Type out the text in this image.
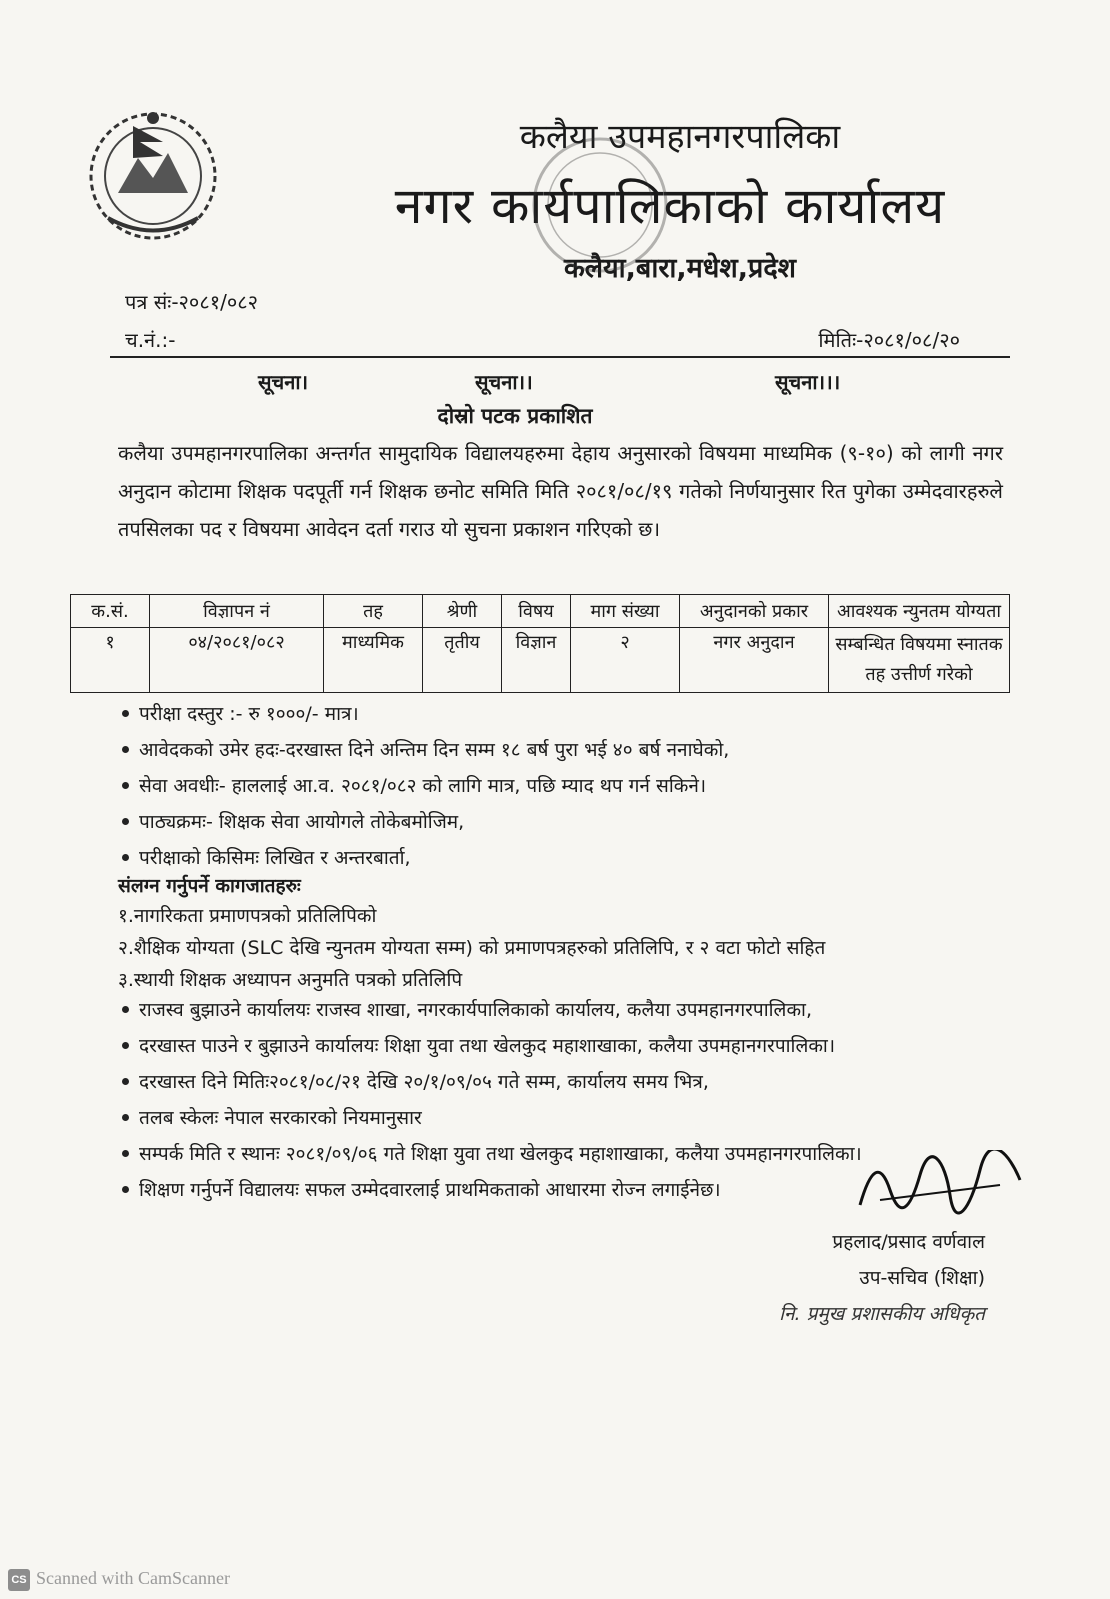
कलैया उपमहानगरपालिका
नगर कार्यपालिकाको कार्यालय
कलैया,बारा,मधेश,प्रदेश
पत्र संः-२०८१/०८२
च.नं.:-	मितिः-२०८१/०८/२०
सूचना।	सूचना।।	सूचना।।।
दोस्रो पटक प्रकाशित
कलैया उपमहानगरपालिका अन्तर्गत सामुदायिक विद्यालयहरुमा देहाय अनुसारको विषयमा माध्यमिक (९-१०) को लागी नगर अनुदान कोटामा शिक्षक पदपूर्ती गर्न शिक्षक छनोट समिति मिति २०८१/०८/१९ गतेको निर्णयानुसार रित पुगेका उम्मेदवारहरुले तपसिलका पद र विषयमा आवेदन दर्ता गराउ यो सुचना प्रकाशन गरिएको छ।
क.सं.	विज्ञापन नं	तह	श्रेणी	विषय	माग संख्या	अनुदानको प्रकार	आवश्यक न्युनतम योग्यता
१	०४/२०८१/०८२	माध्यमिक	तृतीय	विज्ञान	२	नगर अनुदान	सम्बन्धित विषयमा स्नातक तह उत्तीर्ण गरेको
परीक्षा दस्तुर :- रु १०००/- मात्र।
आवेदकको उमेर हदः-दरखास्त दिने अन्तिम दिन सम्म १८ बर्ष पुरा भई ४० बर्ष ननाघेको,
सेवा अवधीः- हाललाई आ.व. २०८१/०८२ को लागि मात्र, पछि म्याद थप गर्न सकिने।
पाठ्यक्रमः- शिक्षक सेवा आयोगले तोकेबमोजिम,
परीक्षाको किसिमः लिखित र अन्तरबार्ता,
संलग्न गर्नुपर्ने कागजातहरुः
१.नागरिकता प्रमाणपत्रको प्रतिलिपिको
२.शैक्षिक योग्यता (SLC देखि न्युनतम योग्यता सम्म) को प्रमाणपत्रहरुको प्रतिलिपि, र २ वटा फोटो सहित
३.स्थायी शिक्षक अध्यापन अनुमति पत्रको प्रतिलिपि
राजस्व बुझाउने कार्यालयः राजस्व शाखा, नगरकार्यपालिकाको कार्यालय, कलैया उपमहानगरपालिका,
दरखास्त पाउने र बुझाउने कार्यालयः शिक्षा युवा तथा खेलकुद महाशाखाका, कलैया उपमहानगरपालिका।
दरखास्त दिने मितिः२०८१/०८/२१ देखि २०/१/०९/०५ गते सम्म, कार्यालय समय भित्र,
तलब स्केलः नेपाल सरकारको नियमानुसार
सम्पर्क मिति र स्थानः २०८१/०९/०६ गते शिक्षा युवा तथा खेलकुद महाशाखाका, कलैया उपमहानगरपालिका।
शिक्षण गर्नुपर्ने विद्यालयः सफल उम्मेदवारलाई प्राथमिकताको आधारमा रोज्न लगाईनेछ।
प्रहलाद/प्रसाद वर्णवाल
उप-सचिव (शिक्षा)
नि. प्रमुख प्रशासकीय अधिकृत
CS Scanned with CamScanner
